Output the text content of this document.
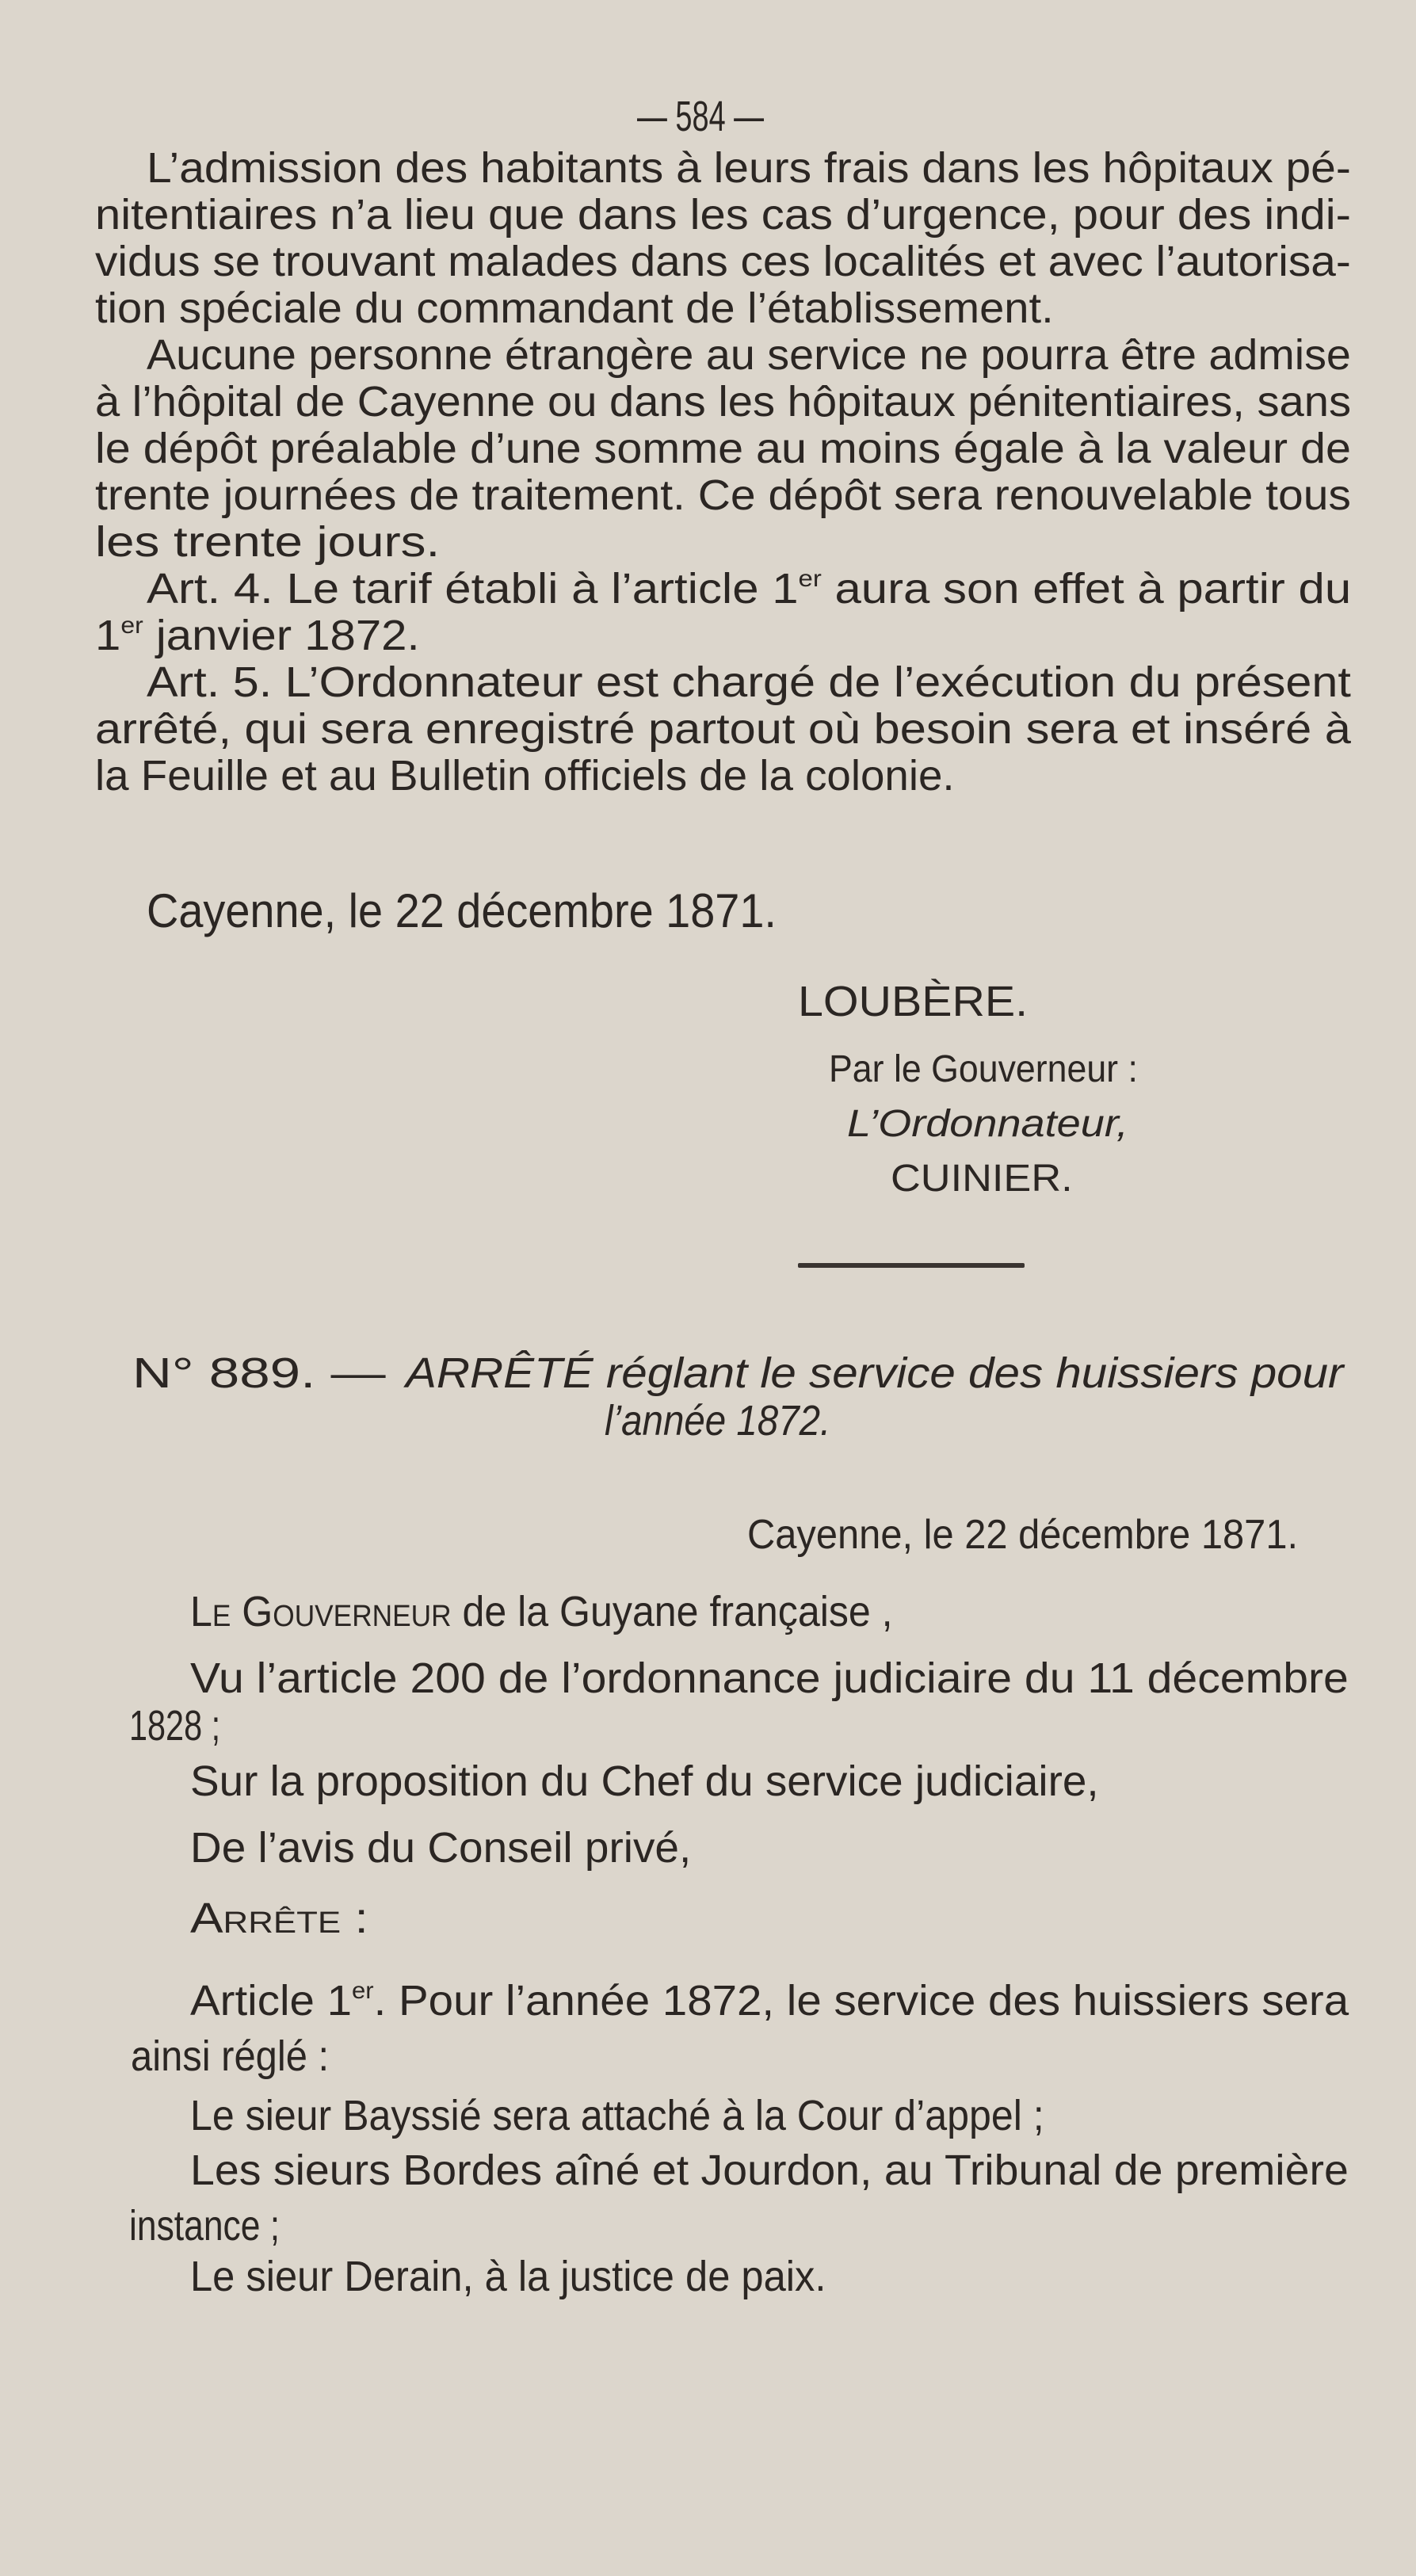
— 584 —
L’admission des habitants à leurs frais dans les hôpitaux pé-
nitentiaires n’a lieu que dans les cas d’urgence, pour des indi-
vidus se trouvant malades dans ces localités et avec l’autorisa-
tion spéciale du commandant de l’établissement.
Aucune personne étrangère au service ne pourra être admise
à l’hôpital de Cayenne ou dans les hôpitaux pénitentiaires, sans
le dépôt préalable d’une somme au moins égale à la valeur de
trente journées de traitement. Ce dépôt sera renouvelable tous
les trente jours.
Art. 4. Le tarif établi à l’article 1er aura son effet à partir du
1er janvier 1872.
Art. 5. L’Ordonnateur est chargé de l’exécution du présent
arrêté, qui sera enregistré partout où besoin sera et inséré à
la Feuille et au Bulletin officiels de la colonie.
Cayenne, le 22 décembre 1871.
LOUBÈRE.
Par le Gouverneur :
L’Ordonnateur,
CUINIER.
N° 889. — ARRÊTÉ réglant le service des huissiers pour
l’année 1872.
Cayenne, le 22 décembre 1871.
Le Gouverneur de la Guyane française ,
Vu l’article 200 de l’ordonnance judiciaire du 11 décembre
1828 ;
Sur la proposition du Chef du service judiciaire,
De l’avis du Conseil privé,
Arrête :
Article 1er. Pour l’année 1872, le service des huissiers sera
ainsi réglé :
Le sieur Bayssié sera attaché à la Cour d’appel ;
Les sieurs Bordes aîné et Jourdon, au Tribunal de première
instance ;
Le sieur Derain, à la justice de paix.
